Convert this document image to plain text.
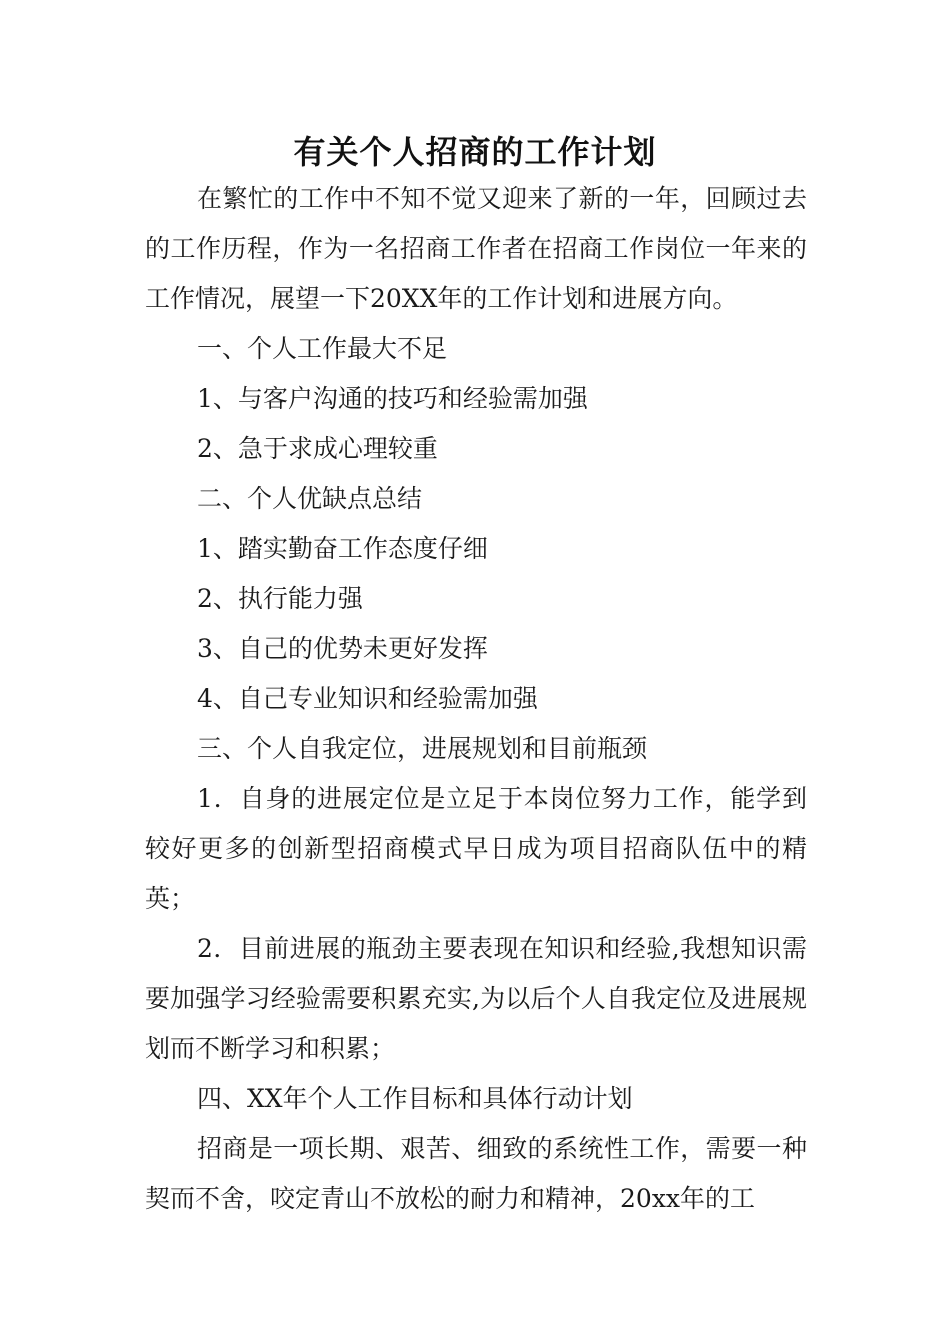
有关个人招商的工作计划

在繁忙的工作中不知不觉又迎来了新的一年，回顾过去的工作历程，作为一名招商工作者在招商工作岗位一年来的工作情况，展望一下20XX年的工作计划和进展方向。

一、个人工作最大不足

1、与客户沟通的技巧和经验需加强

2、急于求成心理较重

二、个人优缺点总结

1、踏实勤奋工作态度仔细

2、执行能力强

3、自己的优势未更好发挥

4、自己专业知识和经验需加强

三、个人自我定位，进展规划和目前瓶颈

1．自身的进展定位是立足于本岗位努力工作，能学到较好更多的创新型招商模式早日成为项目招商队伍中的精英；

2．目前进展的瓶劲主要表现在知识和经验,我想知识需要加强学习经验需要积累充实,为以后个人自我定位及进展规划而不断学习和积累；

四、XX年个人工作目标和具体行动计划

招商是一项长期、艰苦、细致的系统性工作，需要一种契而不舍，咬定青山不放松的耐力和精神，20xx年的工
